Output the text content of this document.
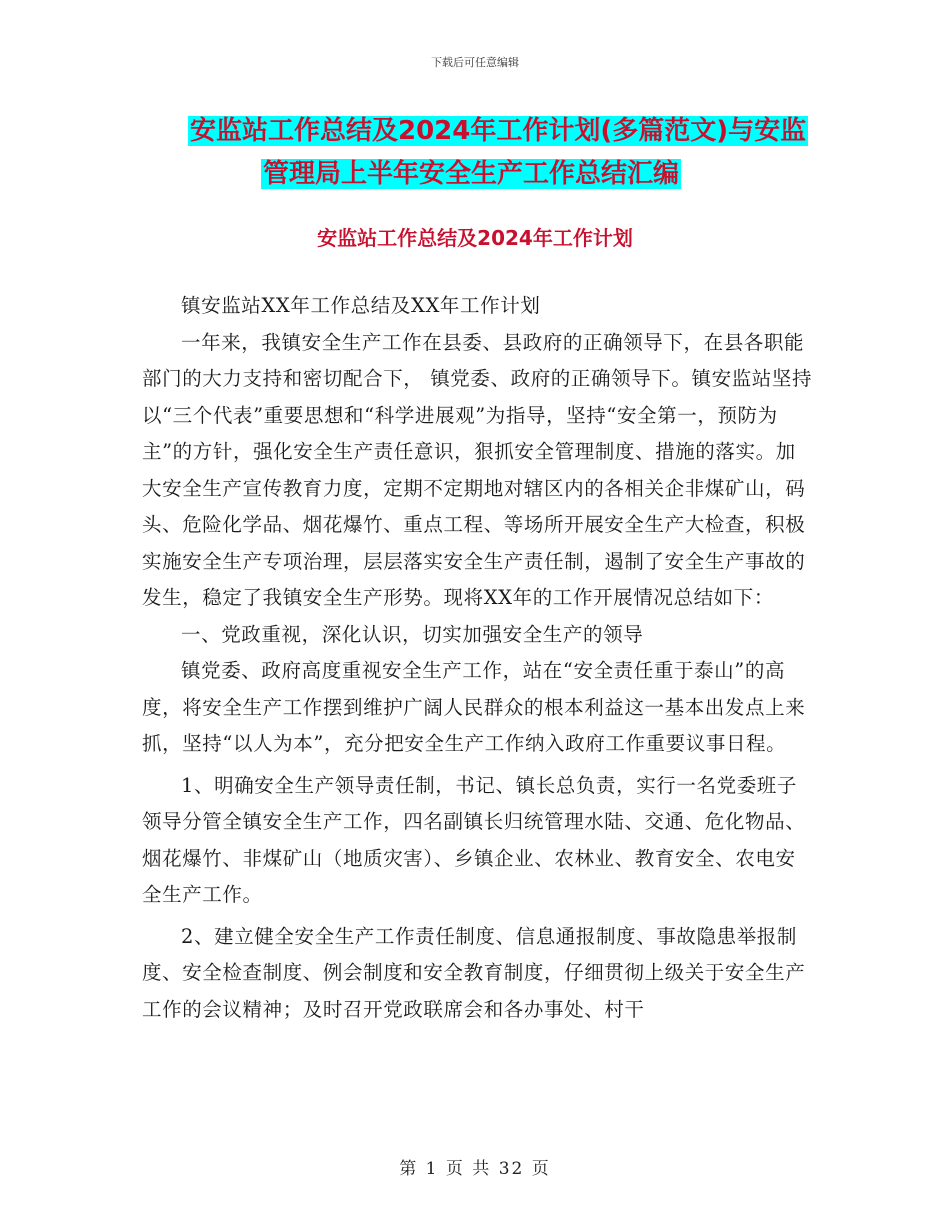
下载后可任意编辑
安监站工作总结及2024年工作计划(多篇范文)与安监
管理局上半年安全生产工作总结汇编
安监站工作总结及2024年工作计划

镇安监站XX年工作总结及XX年工作计划

一年来，我镇安全生产工作在县委、县政府的正确领导下，在县各职能部门的大力支持和密切配合下， 镇党委、政府的正确领导下。镇安监站坚持以“三个代表”重要思想和“科学进展观”为指导，坚持“安全第一，预防为主”的方针，强化安全生产责任意识，狠抓安全管理制度、措施的落实。加大安全生产宣传教育力度，定期不定期地对辖区内的各相关企非煤矿山，码头、危险化学品、烟花爆竹、重点工程、等场所开展安全生产大检查，积极实施安全生产专项治理，层层落实安全生产责任制，遏制了安全生产事故的发生，稳定了我镇安全生产形势。现将XX年的工作开展情况总结如下：

一、党政重视，深化认识，切实加强安全生产的领导

镇党委、政府高度重视安全生产工作，站在“安全责任重于泰山”的高度，将安全生产工作摆到维护广阔人民群众的根本利益这一基本出发点上来抓，坚持“以人为本”，充分把安全生产工作纳入政府工作重要议事日程。

1、明确安全生产领导责任制，书记、镇长总负责，实行一名党委班子领导分管全镇安全生产工作，四名副镇长归统管理水陆、交通、危化物品、烟花爆竹、非煤矿山（地质灾害）、乡镇企业、农林业、教育安全、农电安全生产工作。

2、建立健全安全生产工作责任制度、信息通报制度、事故隐患举报制度、安全检查制度、例会制度和安全教育制度，仔细贯彻上级关于安全生产工作的会议精神；及时召开党政联席会和各办事处、村干

第 1 页 共 32 页
